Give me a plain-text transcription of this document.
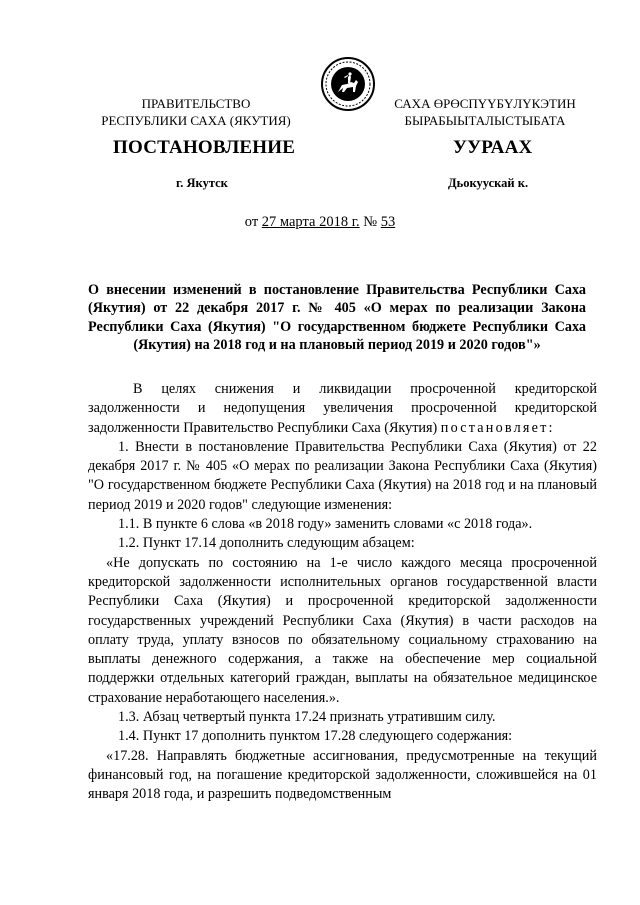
ПРАВИТЕЛЬСТВО
РЕСПУБЛИКИ САХА (ЯКУТИЯ)
САХА ӨРӨСПҮҮБҮЛҮКЭТИН
БЫРАБЫЫТАЛЫСТЫБАТА
ПОСТАНОВЛЕНИЕ	УУРААХ
г. Якутск	Дьокуускай к.
от 27 марта 2018 г. № 53
О внесении изменений в постановление Правительства Республики Саха (Якутия) от 22 декабря 2017 г. № 405 «О мерах по реализации Закона Республики Саха (Якутия) "О государственном бюджете Республики Саха (Якутия) на 2018 год и на плановый период 2019 и 2020 годов"»

В целях снижения и ликвидации просроченной кредиторской задолженности и недопущения увеличения просроченной кредиторской задолженности Правительство Республики Саха (Якутия) постановляет:

1. Внести в постановление Правительства Республики Саха (Якутия) от 22 декабря 2017 г. № 405 «О мерах по реализации Закона Республики Саха (Якутия) "О государственном бюджете Республики Саха (Якутия) на 2018 год и на плановый период 2019 и 2020 годов" следующие изменения:

1.1. В пункте 6 слова «в 2018 году» заменить словами «с 2018 года».

1.2. Пункт 17.14 дополнить следующим абзацем:

«Не допускать по состоянию на 1-е число каждого месяца просроченной кредиторской задолженности исполнительных органов государственной власти Республики Саха (Якутия) и просроченной кредиторской задолженности государственных учреждений Республики Саха (Якутия) в части расходов на оплату труда, уплату взносов по обязательному социальному страхованию на выплаты денежного содержания, а также на обеспечение мер социальной поддержки отдельных категорий граждан, выплаты на обязательное медицинское страхование неработающего населения.».

1.3. Абзац четвертый пункта 17.24 признать утратившим силу.

1.4. Пункт 17 дополнить пунктом 17.28 следующего содержания:

«17.28. Направлять бюджетные ассигнования, предусмотренные на текущий финансовый год, на погашение кредиторской задолженности, сложившейся на 01 января 2018 года, и разрешить подведомственным
